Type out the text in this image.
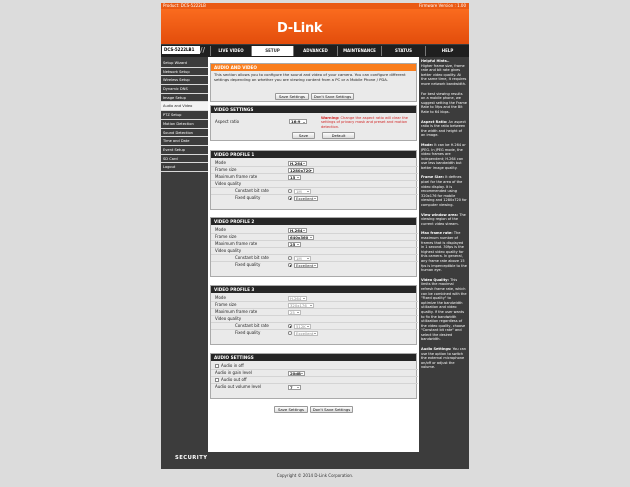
Product: DCS-5222LB	Firmware Version : 1.00
D-Link
DCS-5222LB1 //	LIVE VIDEO	SETUP	ADVANCED	MAINTENANCE	STATUS	HELP
Setup Wizard
Network Setup
Wireless Setup
Dynamic DNS
Image Setup
Audio and Video
PTZ Setup
Motion Detection
Sound Detection
Time and Date
Event Setup
SD Card
Logout
AUDIO AND VIDEO
This section allows you to configure the sound and video of your camera. You can configure different settings depending on whether you are viewing content from a PC or a Mobile Phone / PDA.
Save Settings	Don't Save Settings
VIDEO SETTINGS
Aspect ratio	16:9
Warning: Change the aspect ratio will clear the settings of privacy mask and preset and motion detection.
Save	Default
VIDEO PROFILE 1
Mode	H.264
Frame size	1280x720
Maximum frame rate	15
Video quality
Constant bit rate	1M
Fixed quality	Excellent
VIDEO PROFILE 2
Mode	H.264
Frame size	640x360
Maximum frame rate	25
Video quality
Constant bit rate	1M
Fixed quality	Excellent
VIDEO PROFILE 3
Mode	H.264
Frame size	320x176
Maximum frame rate	25
Video quality
Constant bit rate	512K
Fixed quality	Excellent
AUDIO SETTINGS
Audio in off
Audio in gain level	20dB
Audio out off
Audio out volume level	7
Save Settings	Don't Save Settings
Helpful Hints..

Higher frame size, frame rate and bit rate gives better video quality. At the same time, it requires more network bandwidth.

For best viewing results on a mobile phone, we suggest setting the Frame Rate to 5fps and the Bit Rate to 64 kbps.

Aspect Ratio: An aspect ratio is the ratio between the width and height of an image.

Mode: It can be H.264 or JPEG. In JPEG mode, the video frames are independent; H.264 can use less bandwidth but better image quality.

Frame Size: It defines pixel for the area of the video display. It is recommended using 320x176 for mobile viewing and 1280x720 for computer viewing.

View window area: The viewing region of the current video stream.

Max frame rate: The maximum number of frames that is displayed in 1 second. 30fps is the highest video quality for this camera. In general, any frame rate above 15 fps is imperceptible to the human eye.

Video Quality: This limits the maximal refresh frame rate, which can be combined with the "Fixed quality" to optimize the bandwidth utilization and video quality. If the user wants to fix the bandwidth utilization regardless of the video quality, choose "Constant bit rate" and select the desired bandwidth.

Audio Settings: You can use the option to switch the external microphone on/off or adjust the volume.

SECURITY
Copyright © 2014 D-Link Corporation.
